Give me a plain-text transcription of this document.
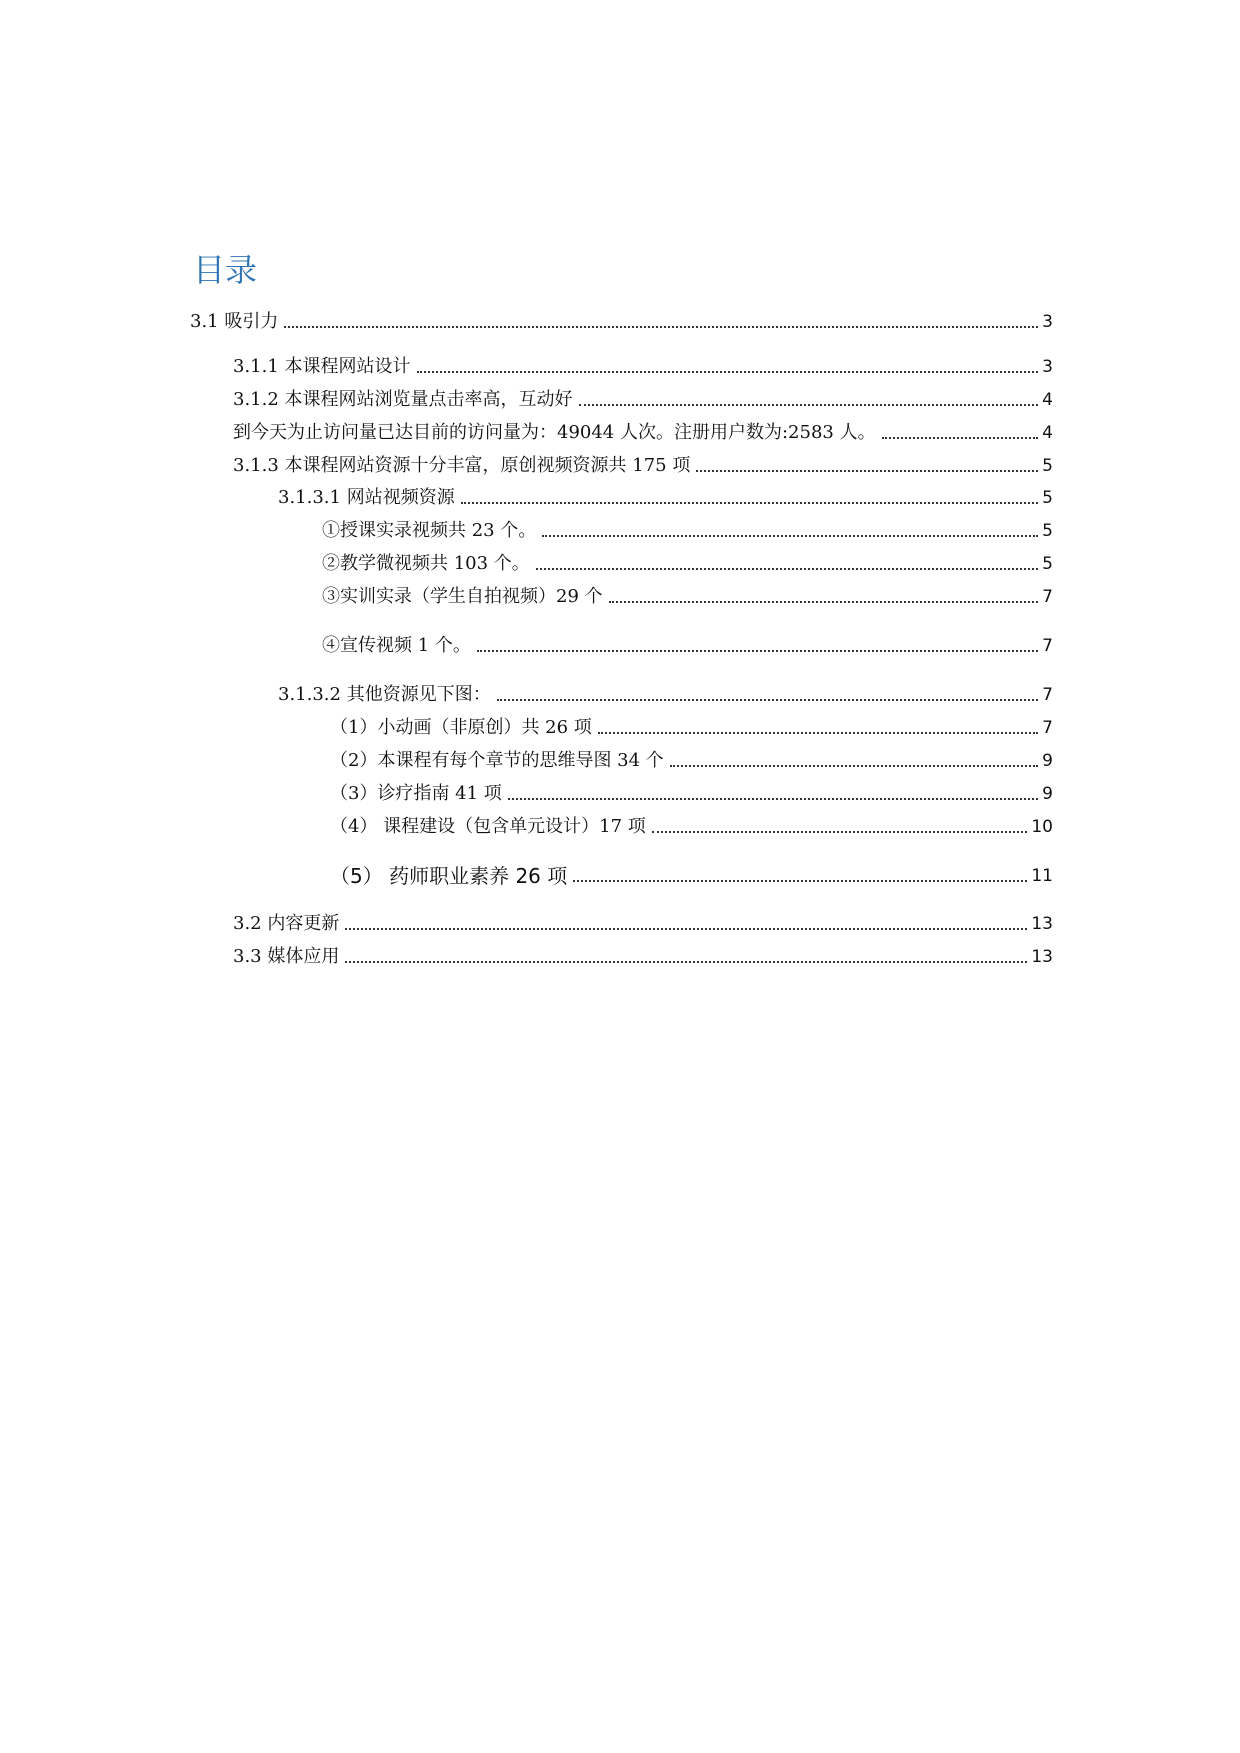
目录
3.1 吸引力	3
3.1.1 本课程网站设计	3
3.1.2 本课程网站浏览量点击率高，互动好	4
到今天为止访问量已达目前的访问量为：49044 人次。注册用户数为:2583 人。	4
3.1.3 本课程网站资源十分丰富，原创视频资源共 175 项	5
3.1.3.1 网站视频资源	5
①授课实录视频共 23 个。	5
②教学微视频共 103 个。	5
③实训实录（学生自拍视频）29 个	7
④宣传视频 1 个。	7
3.1.3.2 其他资源见下图：	7
（1）小动画（非原创）共 26 项	7
（2）本课程有每个章节的思维导图 34 个	9
（3）诊疗指南 41 项	9
（4） 课程建设（包含单元设计）17 项	10
（5） 药师职业素养 26 项	11
3.2 内容更新	13
3.3 媒体应用	13
